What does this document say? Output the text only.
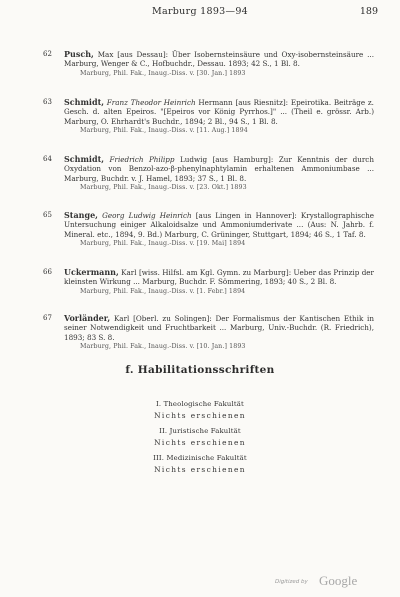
Marburg 1893—94	189
62 Pusch, Max [aus Dessau]: Über Isobernsteinsäure und Oxy-isobernsteinsäure ... Marburg, Wenger & C., Hofbuchdr., Dessau. 1893; 42 S., 1 Bl. 8.
Marburg, Phil. Fak., Inaug.-Diss. v. [30. Jan.] 1893
63 Schmidt, Franz Theodor Heinrich Hermann [aus Riesnitz]: Epeirotika. Beiträge z. Gesch. d. alten Epeiros. "[Epeiros vor König Pyrrhos.]" ... (Theil e. grössr. Arb.) Marburg, O. Ehrhardt's Buchdr., 1894; 2 Bl., 94 S., 1 Bl. 8.
Marburg, Phil. Fak., Inaug.-Diss. v. [11. Aug.] 1894
64 Schmidt, Friedrich Philipp Ludwig [aus Hamburg]: Zur Kenntnis der durch Oxydation von Benzol-azo-β-phenylnaphtylamin erhaltenen Ammoniumbase ... Marburg, Buchdr. v. J. Hamel, 1893; 37 S., 1 Bl. 8.
Marburg, Phil. Fak., Inaug.-Diss. v. [23. Okt.] 1893
65 Stange, Georg Ludwig Heinrich [aus Lingen in Hannover]: Krystallographische Untersuchung einiger Alkaloidsalze und Ammoniumderivate ... (Aus: N. Jahrb. f. Mineral. etc., 1894, 9. Bd.) Marburg, C. Grüninger, Stuttgart, 1894; 46 S., 1 Taf. 8.
Marburg, Phil. Fak., Inaug.-Diss. v. [19. Mai] 1894
66 Uckermann, Karl [wiss. Hilfsl. am Kgl. Gymn. zu Marburg]: Ueber das Prinzip der kleinsten Wirkung ... Marburg, Buchdr. F. Sömmering, 1893; 40 S., 2 Bl. 8.
Marburg, Phil. Fak., Inaug.-Diss. v. [1. Febr.] 1894
67 Vorländer, Karl [Oberl. zu Solingen]: Der Formalismus der Kantischen Ethik in seiner Notwendigkeit und Fruchtbarkeit ... Marburg, Univ.-Buchdr. (R. Friedrich), 1893; 83 S. 8.
Marburg, Phil. Fak., Inaug.-Diss. v. [10. Jan.] 1893
f. Habilitationsschriften
I. Theologische Fakultät
Nichts erschienen
II. Juristische Fakultät
Nichts erschienen
III. Medizinische Fakultät
Nichts erschienen
Digitized by Google
